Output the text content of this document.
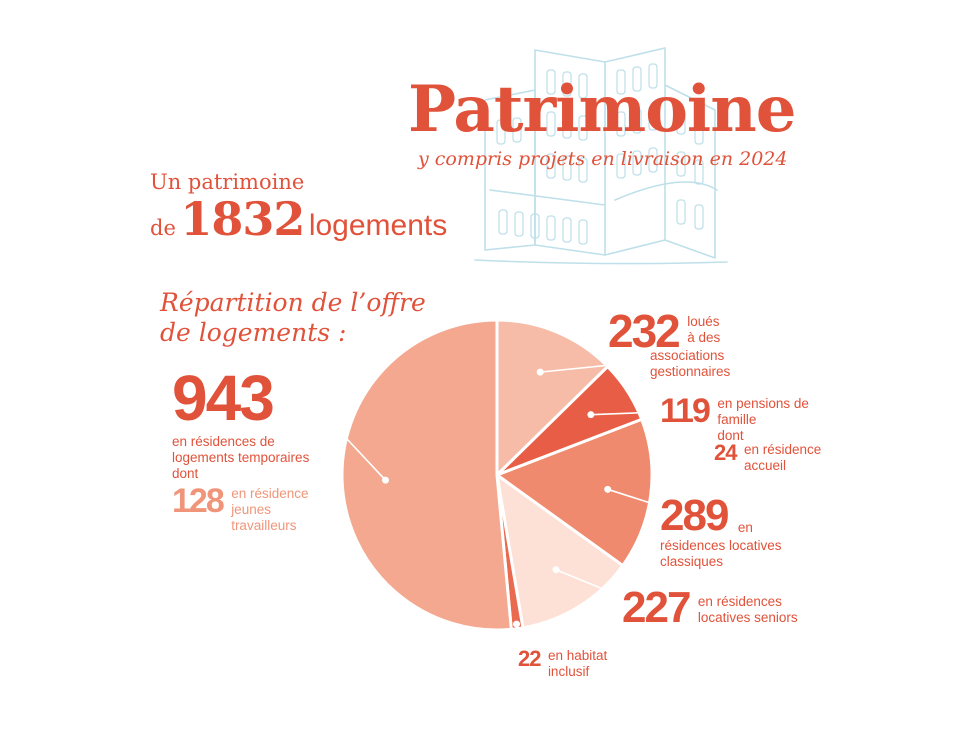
Patrimoine
y compris projets en livraison en 2024
Un patrimoine
de 1832 logements
Répartition de l’offre
de logements :
943
en résidences de
logements temporaires
dont
128 en résidence
jeunes
travailleurs
232 loués
à des
associations
gestionnaires
119 en pensions de
famille
dont
24 en résidence
accueil
289 en
résidences locatives
classiques
227 en résidences
locatives seniors
22 en habitat
inclusif
